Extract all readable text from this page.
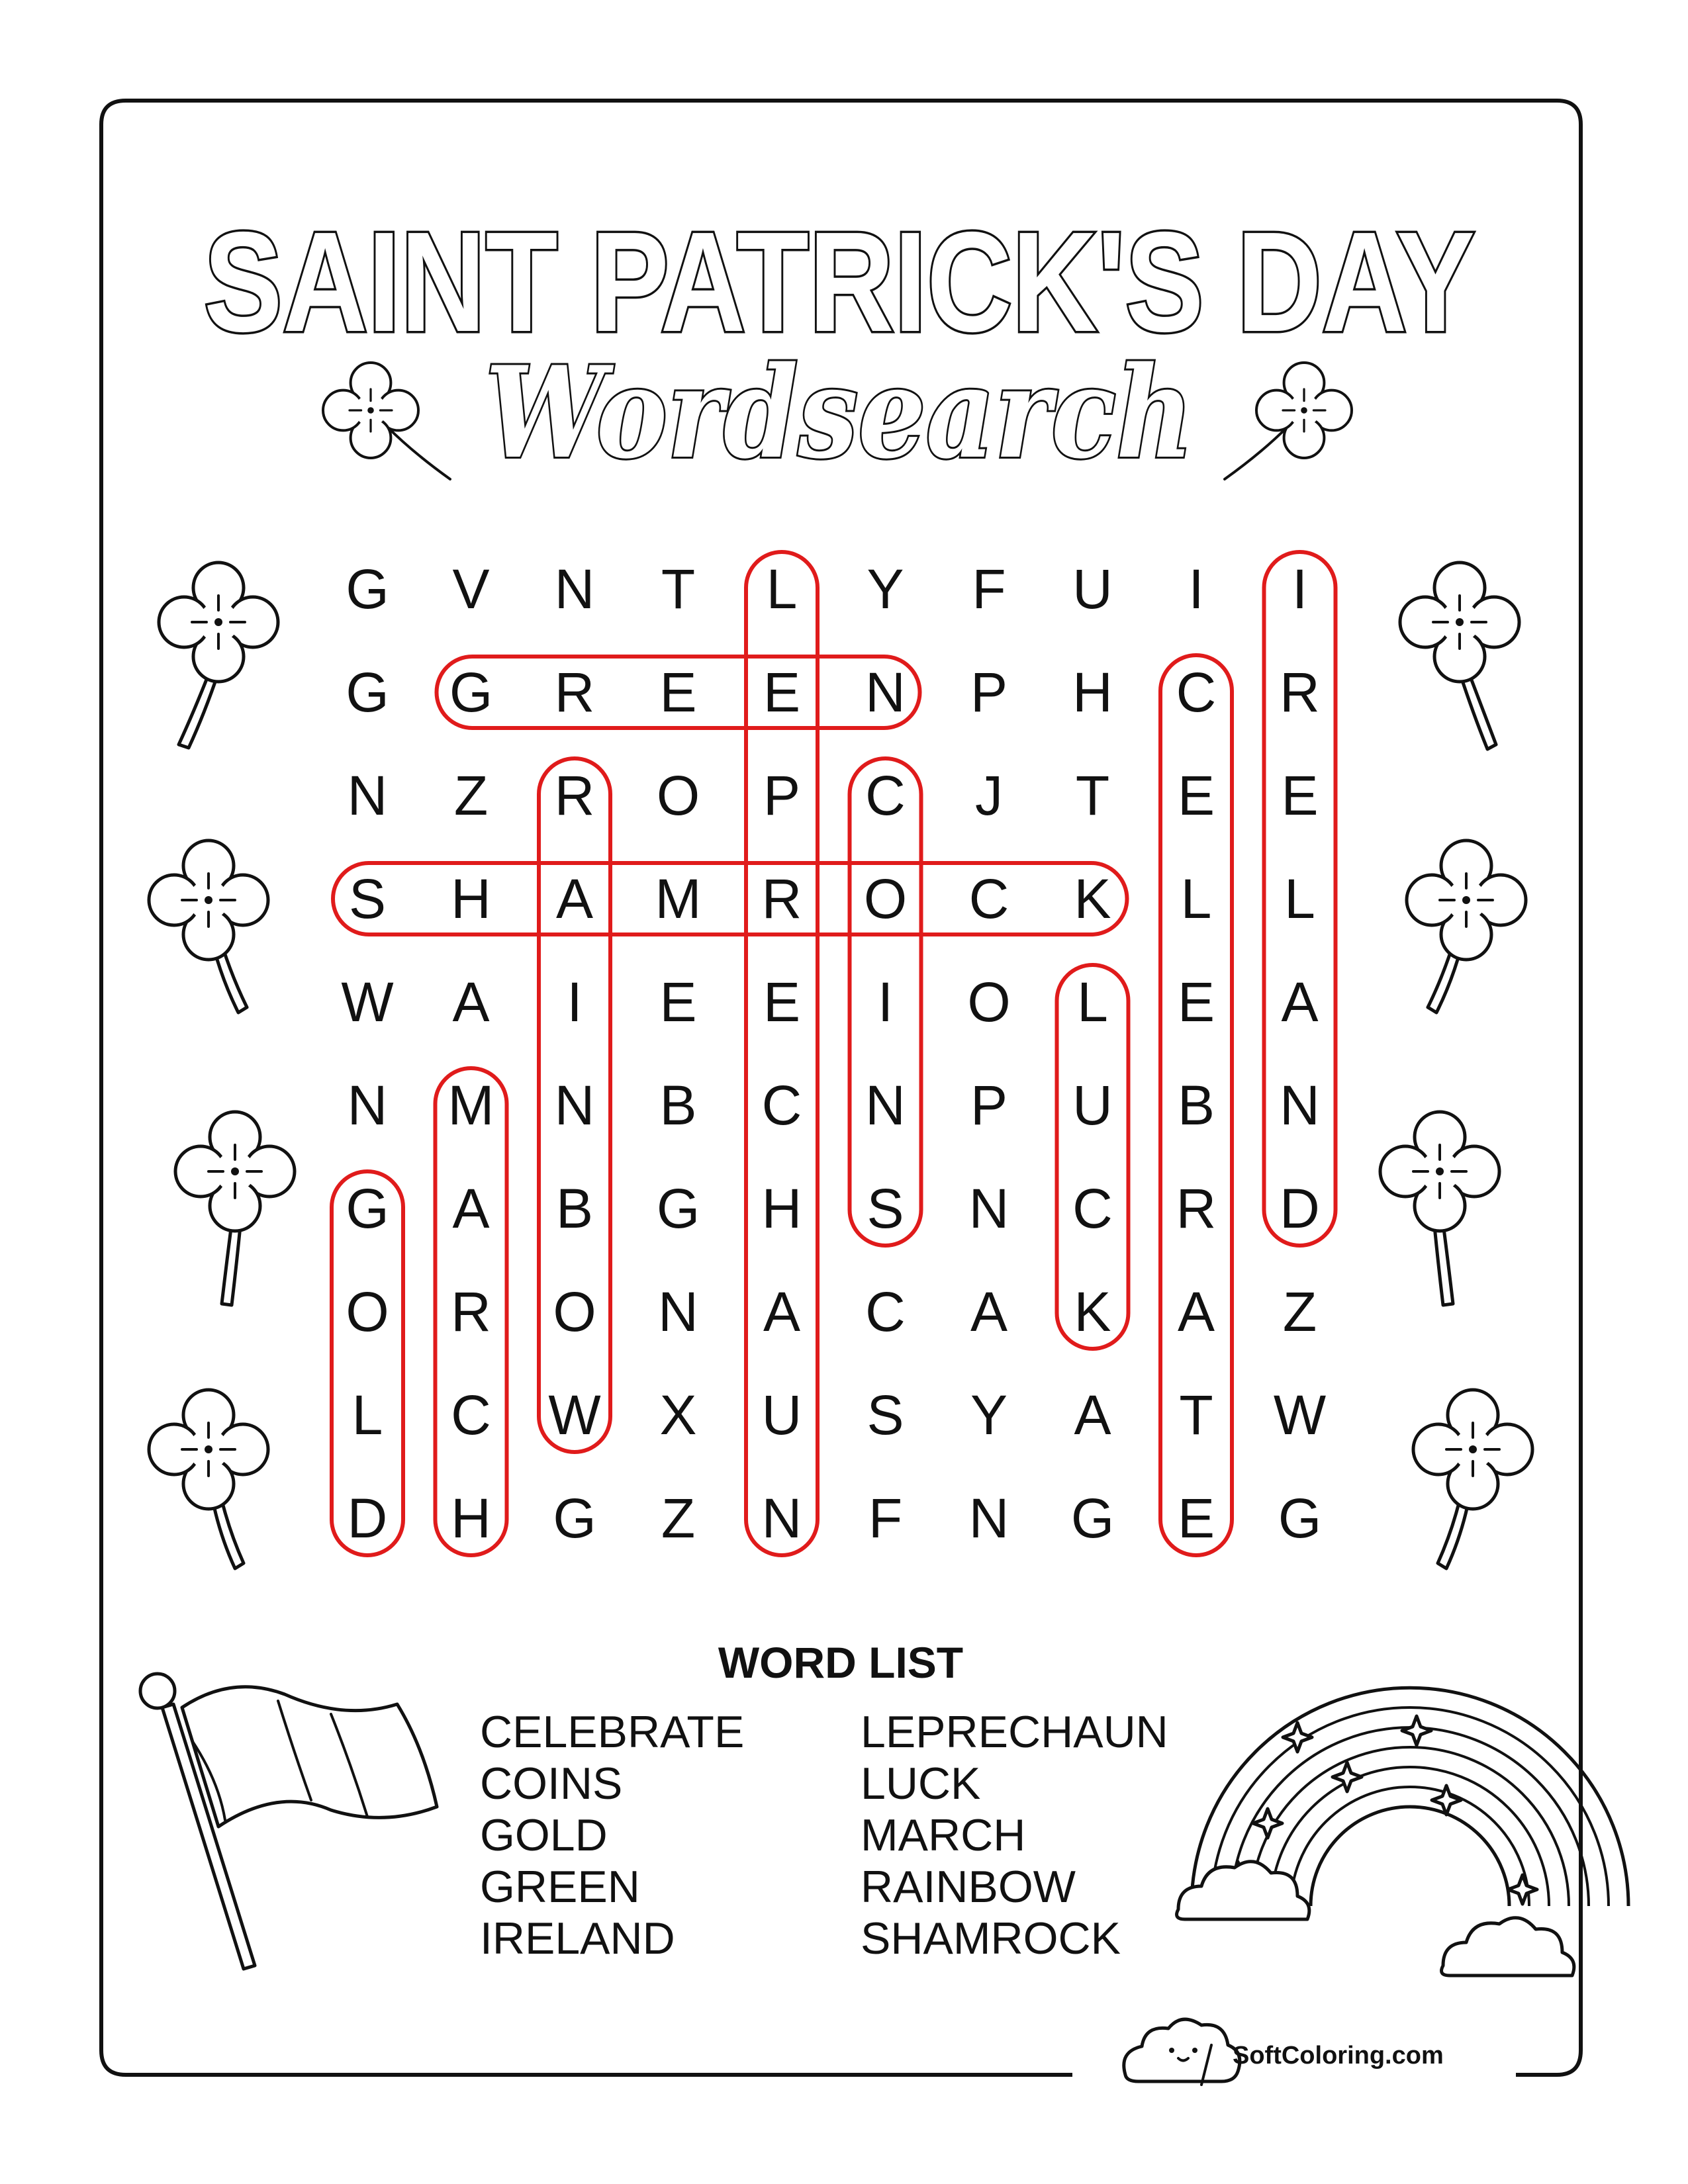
SAINT PATRICK'S DAY
Wordsearch
G V N T L Y F U I I
G G R E E N P H C R
N Z R O P C J T E E
S H A M R O C K L L
W A I E E I O L E A
N M N B C N P U B N
G A B G H S N C R D
O R O N A C A K A Z
L C W X U S Y A T W
D H G Z N F N G E G
WORD LIST
CELEBRATE
COINS
GOLD
GREEN
IRELAND
LEPRECHAUN
LUCK
MARCH
RAINBOW
SHAMROCK
SoftColoring.com
